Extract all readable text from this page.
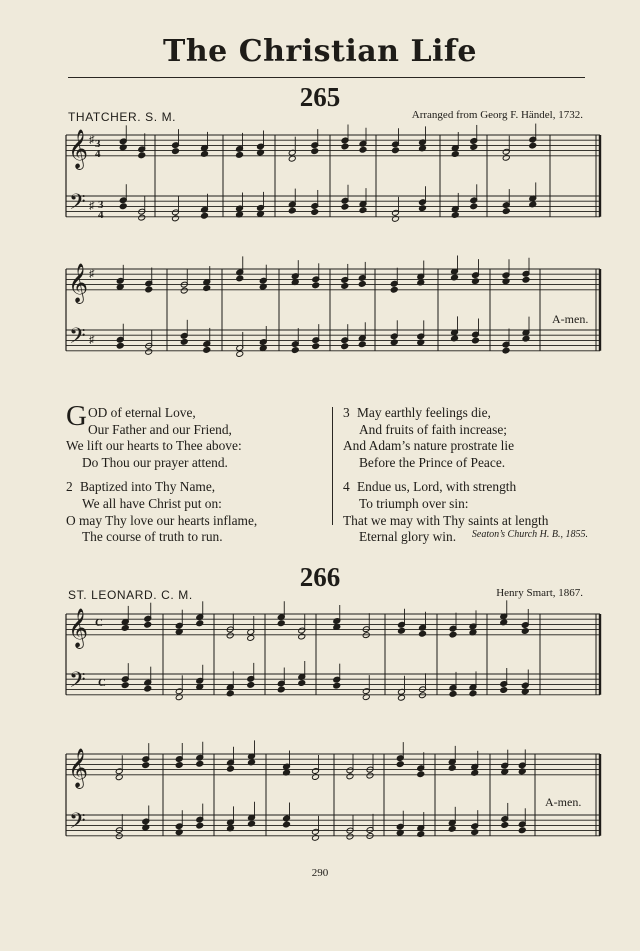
The Christian Life
265
THATCHER. S. M.	Arranged from Georg F. Händel, 1732.
𝄞
𝄢
3
4
3
4
♯
♯
𝄞
𝄢
♯
♯
𝄞
𝄢
C
C
𝄞
𝄢
A-men.
G OD of eternal Love,
Our Father and our Friend,
We lift our hearts to Thee above:
Do Thou our prayer attend.
2 Baptized into Thy Name,
We all have Christ put on:
O may Thy love our hearts inflame,
The course of truth to run.
3 May earthly feelings die,
And fruits of faith increase;
And Adam’s nature prostrate lie
Before the Prince of Peace.
4 Endue us, Lord, with strength
To triumph over sin:
That we may with Thy saints at length
Eternal glory win.	Seaton’s Church H. B., 1855.
266
ST. LEONARD. C. M.	Henry Smart, 1867.
A-men.
290
